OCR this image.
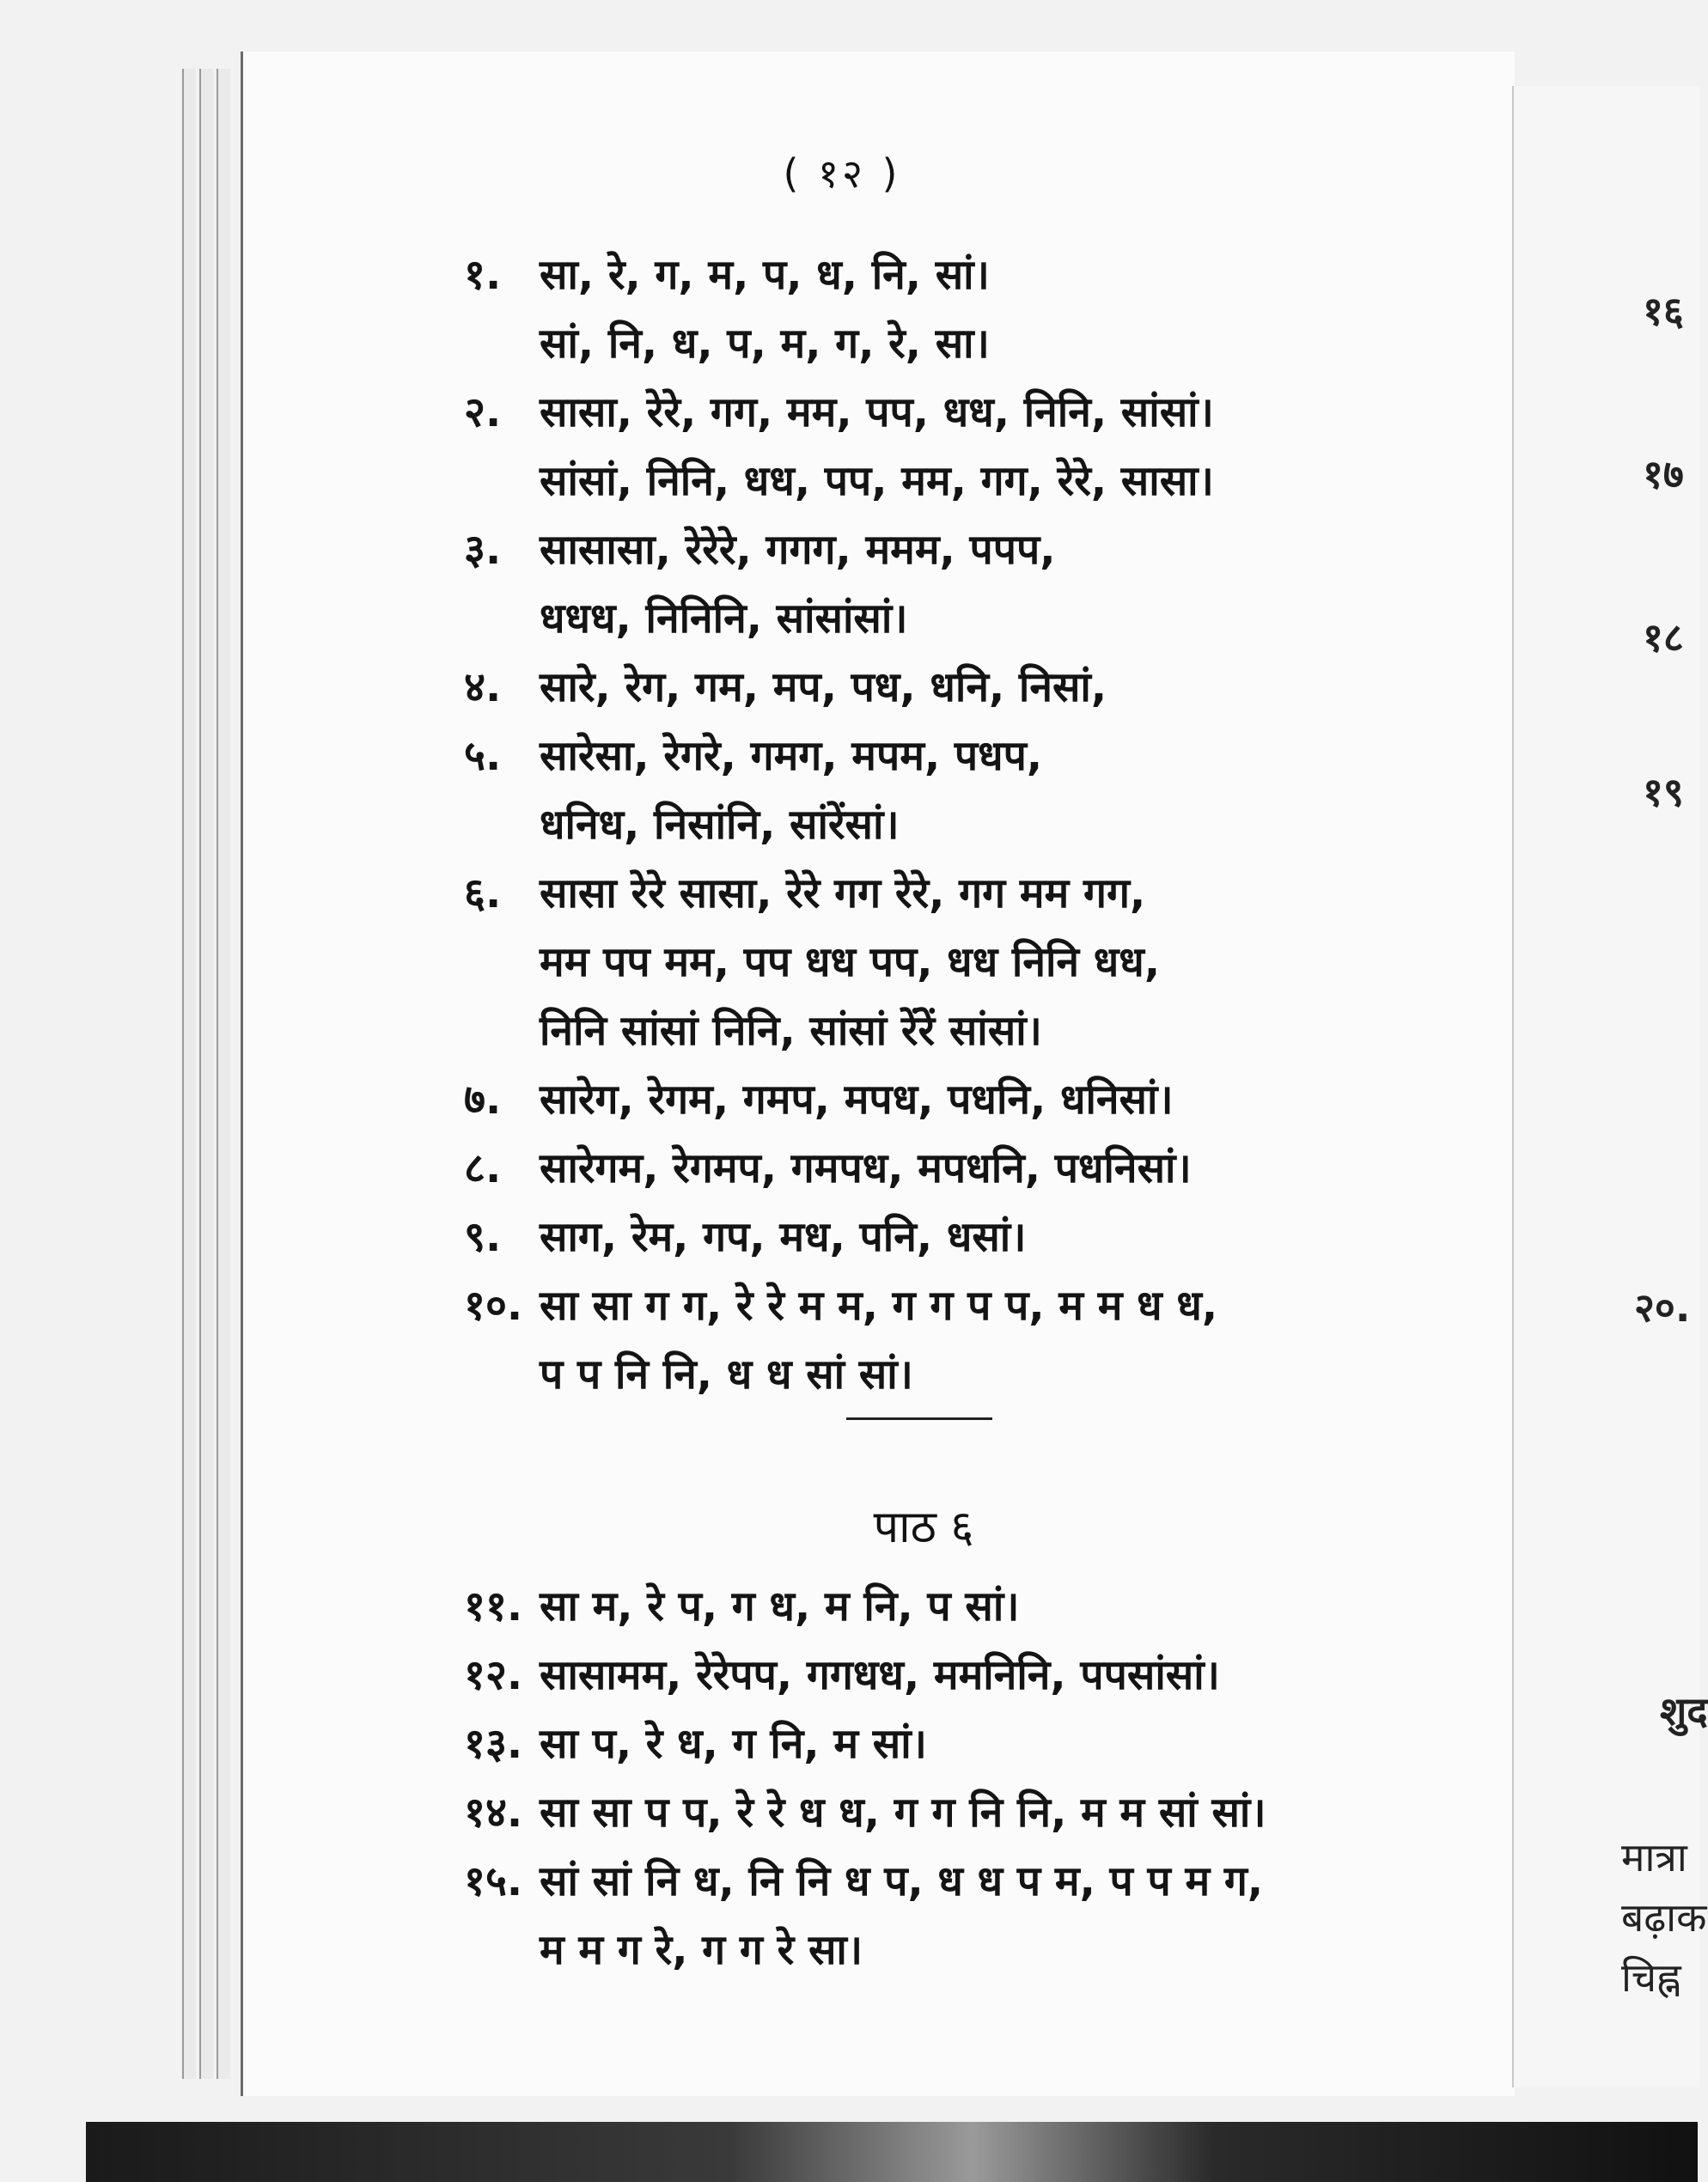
( १२ )
१. सा, रे, ग, म, प, ध, नि, सां।
सां, नि, ध, प, म, ग, रे, सा।
२. सासा, रेरे, गग, मम, पप, धध, निनि, सांसां।
सांसां, निनि, धध, पप, मम, गग, रेरे, सासा।
३. सासासा, रेरेरे, गगग, ममम, पपप,
धधध, निनिनि, सांसांसां।
४. सारे, रेग, गम, मप, पध, धनि, निसां,
५. सारेसा, रेगरे, गमग, मपम, पधप,
धनिध, निसांनि, सांरेंसां।
६. सासा रेरे सासा, रेरे गग रेरे, गग मम गग,
मम पप मम, पप धध पप, धध निनि धध,
निनि सांसां निनि, सांसां रेंरें सांसां।
७. सारेग, रेगम, गमप, मपध, पधनि, धनिसां।
८. सारेगम, रेगमप, गमपध, मपधनि, पधनिसां।
९. साग, रेम, गप, मध, पनि, धसां।
१०. सा सा ग ग, रे रे म म, ग ग प प, म म ध ध,
प प नि नि, ध ध सां सां।
पाठ ६
११. सा म, रे प, ग ध, म नि, प सां।
१२. सासामम, रेरेपप, गगधध, ममनिनि, पपसांसां।
१३. सा प, रे ध, ग नि, म सां।
१४. सा सा प प, रे रे ध ध, ग ग नि नि, म म सां सां।
१५. सां सां नि ध, नि नि ध प, ध ध प म, प प म ग,
म म ग रे, ग ग रे सा।
१६
१७
१८
१९
२०.
शुद
मात्रा
बढ़ाक
चिह्न
